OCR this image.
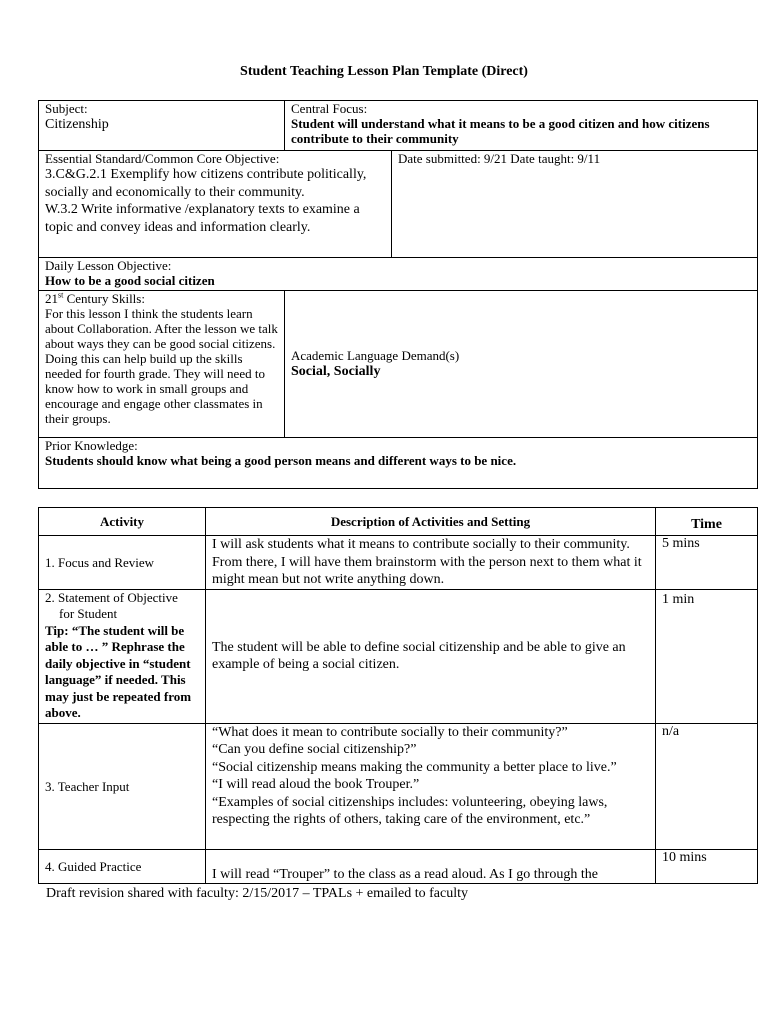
Student Teaching Lesson Plan Template (Direct)
Subject:
Citizenship	Central Focus:
Student will understand what it means to be a good citizen and how citizens contribute to their community	

Essential Standard/Common Core Objective:
3.C&G.2.1 Exemplify how citizens contribute politically, socially and economically to their community.
W.3.2 Write informative /explanatory texts to examine a topic and convey ideas and information clearly.		Date submitted: 9/21 Date taught: 9/11

Daily Lesson Objective:
How to be a good social citizen		

21st Century Skills:
For this lesson I think the students learn about Collaboration. After the lesson we talk about ways they can be good social citizens. Doing this can help build up the skills needed for fourth grade. They will need to know how to work in small groups and encourage and engage other classmates in their groups.	Academic Language Demand(s)
Social, Socially	

Prior Knowledge:
Students should know what being a good person means and different ways to be nice.		
Activity	Description of Activities and Setting	Time
1. Focus and Review	I will ask students what it means to contribute socially to their community. From there, I will have them brainstorm with the person next to them what it might mean but not write anything down.	5 mins

2. Statement of Objective
for Student
Tip: “The student will be able to … ” Rephrase the daily objective in “student language” if needed. This may just be repeated from above.	The student will be able to define social citizenship and be able to give an example of being a social citizen.	1 min
3. Teacher Input	“What does it mean to contribute socially to their community?”
“Can you define social citizenship?”
“Social citizenship means making the community a better place to live.”
“I will read aloud the book Trouper.”
“Examples of social citizenships includes: volunteering, obeying laws, respecting the rights of others, taking care of the environment, etc.”	n/a
4. Guided Practice	I will read “Trouper” to the class as a read aloud. As I go through the	10 mins
Draft revision shared with faculty: 2/15/2017 – TPALs + emailed to faculty
